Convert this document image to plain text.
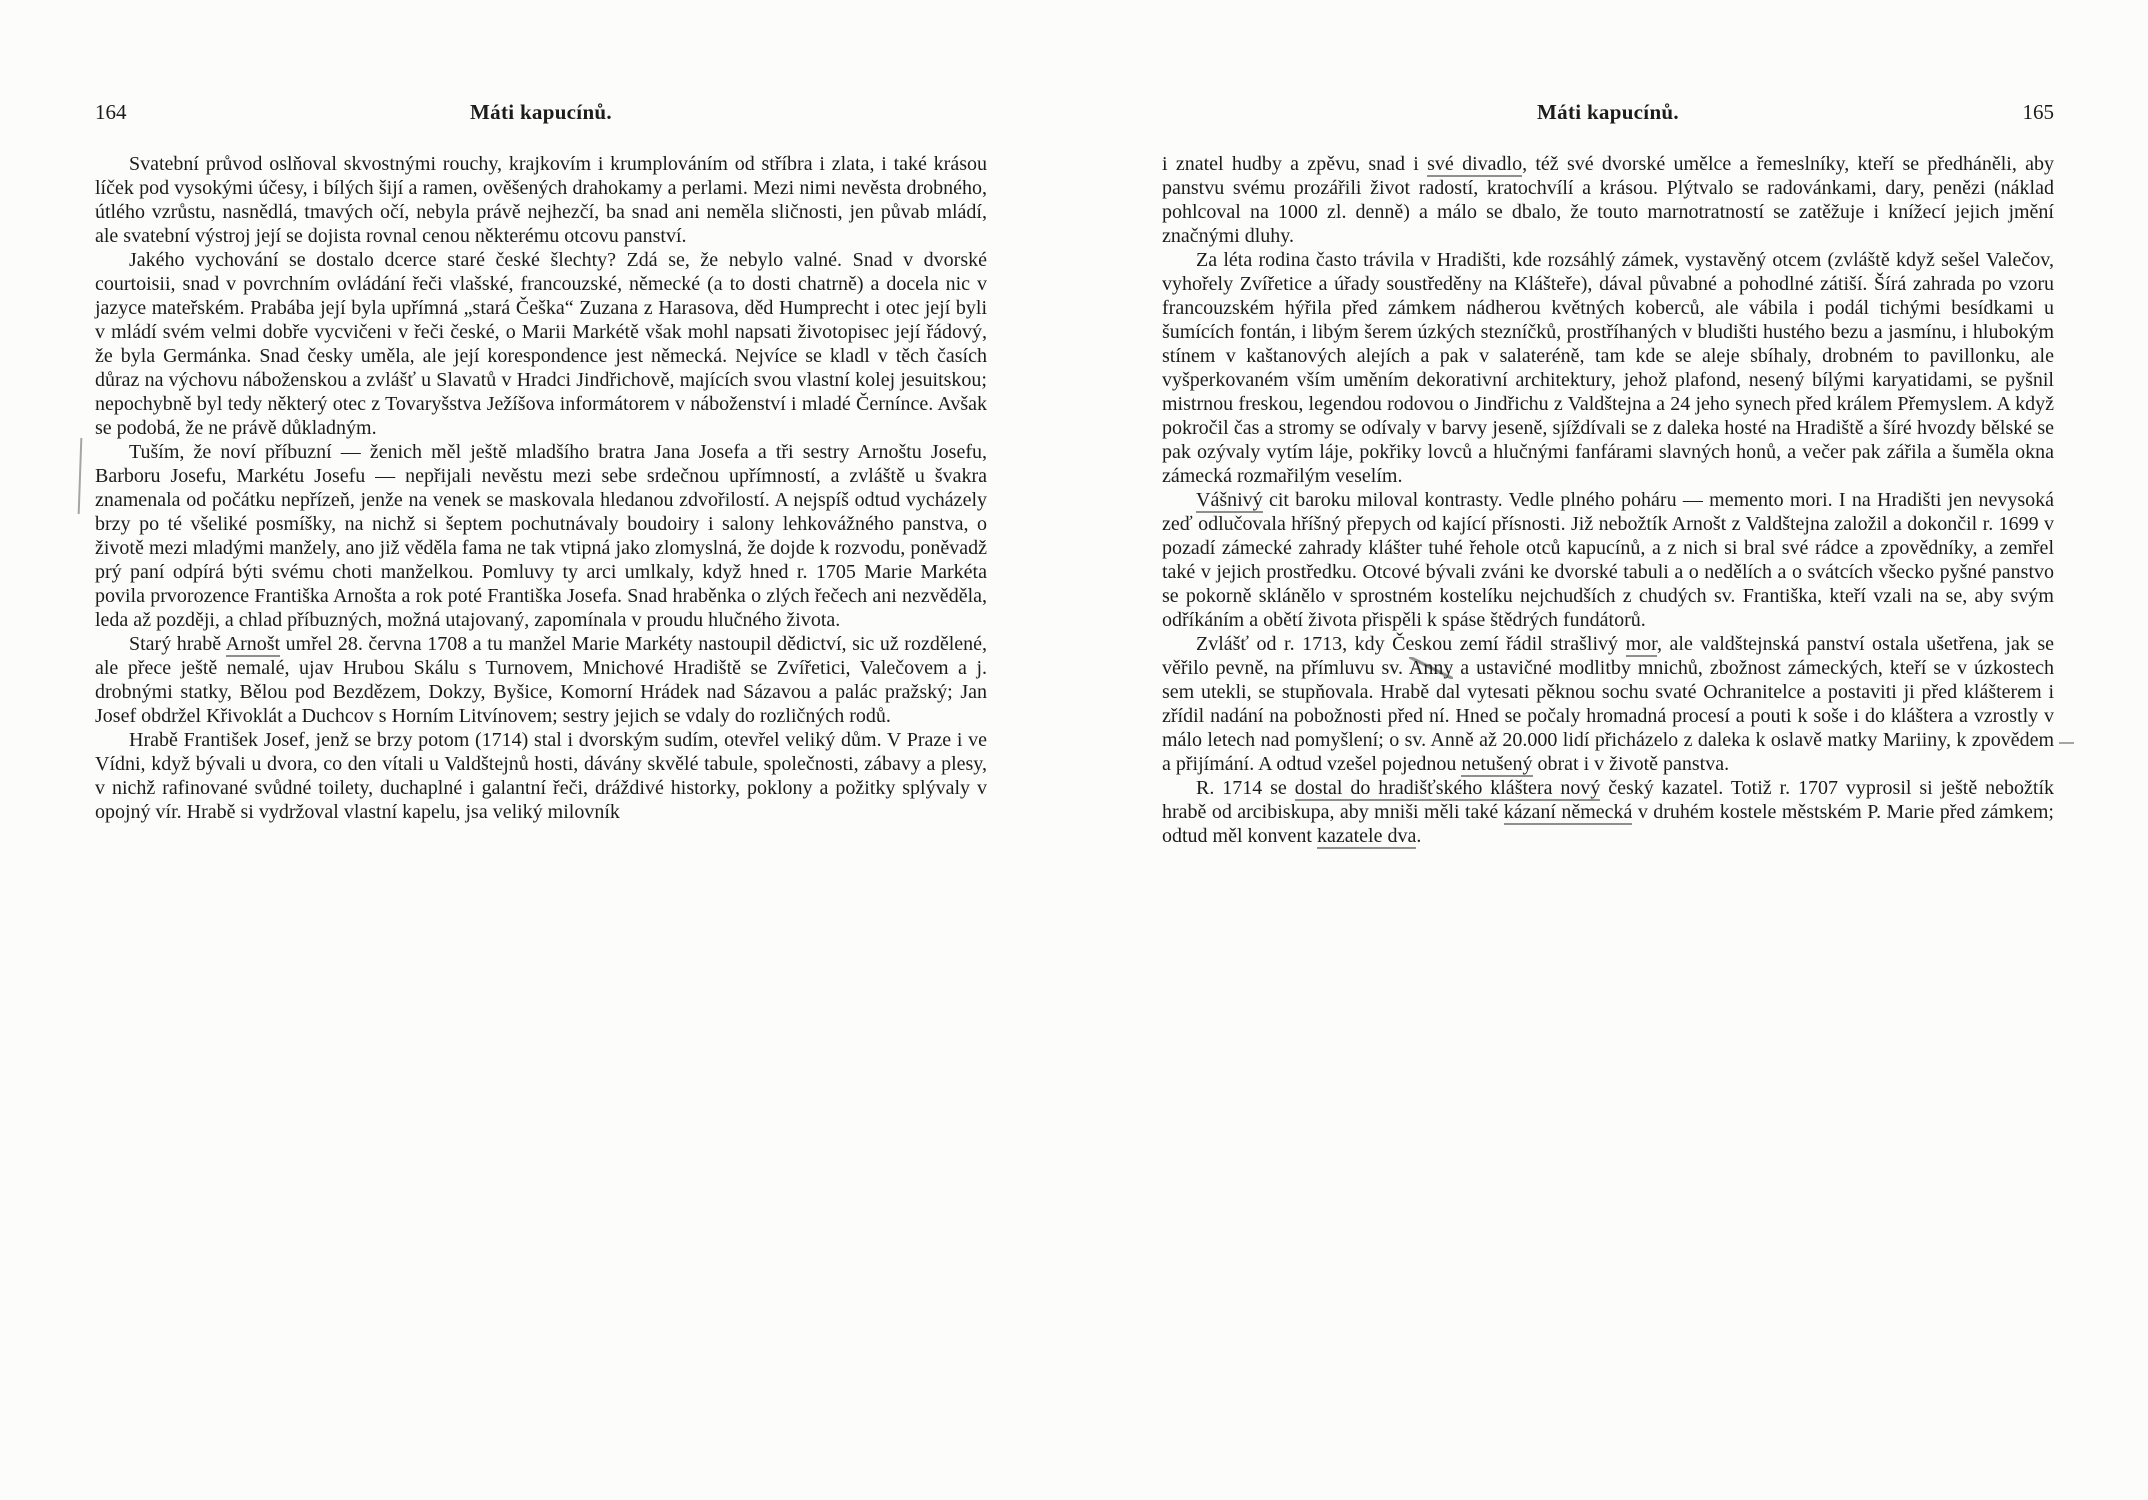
164	Máti kapucínů.

Svatební průvod oslňoval skvostnými rouchy, krajkovím i krumplováním od stříbra i zlata, i také krásou líček pod vysokými účesy, i bílých šijí a ramen, ověšených drahokamy a perlami. Mezi nimi nevěsta drobného, útlého vzrůstu, nasnědlá, tmavých očí, nebyla právě nejhezčí, ba snad ani neměla sličnosti, jen půvab mládí, ale svatební výstroj její se dojista rovnal cenou některému otcovu panství.

Jakého vychování se dostalo dcerce staré české šlechty? Zdá se, že nebylo valné. Snad v dvorské courtoisii, snad v povrchním ovládání řeči vlašské, francouzské, německé (a to dosti chatrně) a docela nic v jazyce mateřském. Prabába její byla upřímná „stará Češka“ Zuzana z Harasova, děd Humprecht i otec její byli v mládí svém velmi dobře vycvičeni v řeči české, o Marii Markétě však mohl napsati životopisec její řádový, že byla Germánka. Snad česky uměla, ale její korespondence jest německá. Nejvíce se kladl v těch časích důraz na výchovu náboženskou a zvlášť u Slavatů v Hradci Jindřichově, majících svou vlastní kolej jesuitskou; nepochybně byl tedy některý otec z Tovaryšstva Ježíšova informátorem v náboženství i mladé Černínce. Avšak se podobá, že ne právě důkladným.

Tuším, že noví příbuzní — ženich měl ještě mladšího bratra Jana Josefa a tři sestry Arnoštu Josefu, Barboru Josefu, Markétu Josefu — nepřijali nevěstu mezi sebe srdečnou upřímností, a zvláště u švakra znamenala od počátku nepřízeň, jenže na venek se maskovala hledanou zdvořilostí. A nejspíš odtud vycházely brzy po té všeliké posmíšky, na nichž si šeptem pochutnávaly boudoiry i salony lehkovážného panstva, o životě mezi mladými manžely, ano již věděla fama ne tak vtipná jako zlomyslná, že dojde k rozvodu, poněvadž prý paní odpírá býti svému choti manželkou. Pomluvy ty arci umlkaly, když hned r. 1705 Marie Markéta povila prvorozence Františka Arnošta a rok poté Františka Josefa. Snad hraběnka o zlých řečech ani nezvěděla, leda až později, a chlad příbuzných, možná utajovaný, zapomínala v proudu hlučného života.

Starý hrabě Arnošt umřel 28. června 1708 a tu manžel Marie Markéty nastoupil dědictví, sic už rozdělené, ale přece ještě nemalé, ujav Hrubou Skálu s Turnovem, Mnichové Hradiště se Zvířetici, Valečovem a j. drobnými statky, Bělou pod Bezdězem, Dokzy, Byšice, Komorní Hrádek nad Sázavou a palác pražský; Jan Josef obdržel Křivoklát a Duchcov s Horním Litvínovem; sestry jejich se vdaly do rozličných rodů.

Hrabě František Josef, jenž se brzy potom (1714) stal i dvorským sudím, otevřel veliký dům. V Praze i ve Vídni, když bývali u dvora, co den vítali u Valdštejnů hosti, dávány skvělé tabule, společnosti, zábavy a plesy, v nichž rafinované svůdné toilety, duchaplné i galantní řeči, dráždivé historky, poklony a požitky splývaly v opojný vír. Hrabě si vydržoval vlastní kapelu, jsa veliký milovník

Máti kapucínů.	165

i znatel hudby a zpěvu, snad i své divadlo, též své dvorské umělce a řemeslníky, kteří se předháněli, aby panstvu svému prozářili život radostí, kratochvílí a krásou. Plýtvalo se radovánkami, dary, penězi (náklad pohlcoval na 1000 zl. denně) a málo se dbalo, že touto marnotratností se zatěžuje i knížecí jejich jmění značnými dluhy.

Za léta rodina často trávila v Hradišti, kde rozsáhlý zámek, vystavěný otcem (zvláště když sešel Valečov, vyhořely Zvířetice a úřady soustředěny na Klášteře), dával půvabné a pohodlné zátiší. Šírá zahrada po vzoru francouzském hýřila před zámkem nádherou květných koberců, ale vábila i podál tichými besídkami u šumících fontán, i libým šerem úzkých stezníčků, prostříhaných v bludišti hustého bezu a jasmínu, i hlubokým stínem v kaštanových alejích a pak v salateréně, tam kde se aleje sbíhaly, drobném to pavillonku, ale vyšperkovaném vším uměním dekorativní architektury, jehož plafond, nesený bílými karyatidami, se pyšnil mistrnou freskou, legendou rodovou o Jindřichu z Valdštejna a 24 jeho synech před králem Přemyslem. A když pokročil čas a stromy se odívaly v barvy jeseně, sjíždívali se z daleka hosté na Hradiště a šíré hvozdy bělské se pak ozývaly vytím láje, pokřiky lovců a hlučnými fanfárami slavných honů, a večer pak zářila a šuměla okna zámecká rozmařilým veselím.

Vášnivý cit baroku miloval kontrasty. Vedle plného poháru — memento mori. I na Hradišti jen nevysoká zeď odlučovala hříšný přepych od kající přísnosti. Již nebožtík Arnošt z Valdštejna založil a dokončil r. 1699 v pozadí zámecké zahrady klášter tuhé řehole otců kapucínů, a z nich si bral své rádce a zpovědníky, a zemřel také v jejich prostředku. Otcové bývali zváni ke dvorské tabuli a o nedělích a o svátcích všecko pyšné panstvo se pokorně sklánělo v sprostném kostelíku nejchudších z chudých sv. Františka, kteří vzali na se, aby svým odříkáním a obětí života přispěli k spáse štědrých fundátorů.

Zvlášť od r. 1713, kdy Českou zemí řádil strašlivý mor, ale valdštejnská panství ostala ušetřena, jak se věřilo pevně, na přímluvu sv. Anny a ustavičné modlitby mnichů, zbožnost zámeckých, kteří se v úzkostech sem utekli, se stupňovala. Hrabě dal vytesati pěknou sochu svaté Ochranitelce a postaviti ji před klášterem i zřídil nadání na pobožnosti před ní. Hned se počaly hromadná procesí a pouti k soše i do kláštera a vzrostly v málo letech nad pomyšlení; o sv. Anně až 20.000 lidí přicházelo z daleka k oslavě matky Mariiny, k zpovědem a přijímání. A odtud vzešel pojednou netušený obrat i v životě panstva.

R. 1714 se dostal do hradišťského kláštera nový český kazatel. Totiž r. 1707 vyprosil si ještě nebožtík hrabě od arcibiskupa, aby mniši měli také kázaní německá v druhém kostele městském P. Marie před zámkem; odtud měl konvent kazatele dva.
